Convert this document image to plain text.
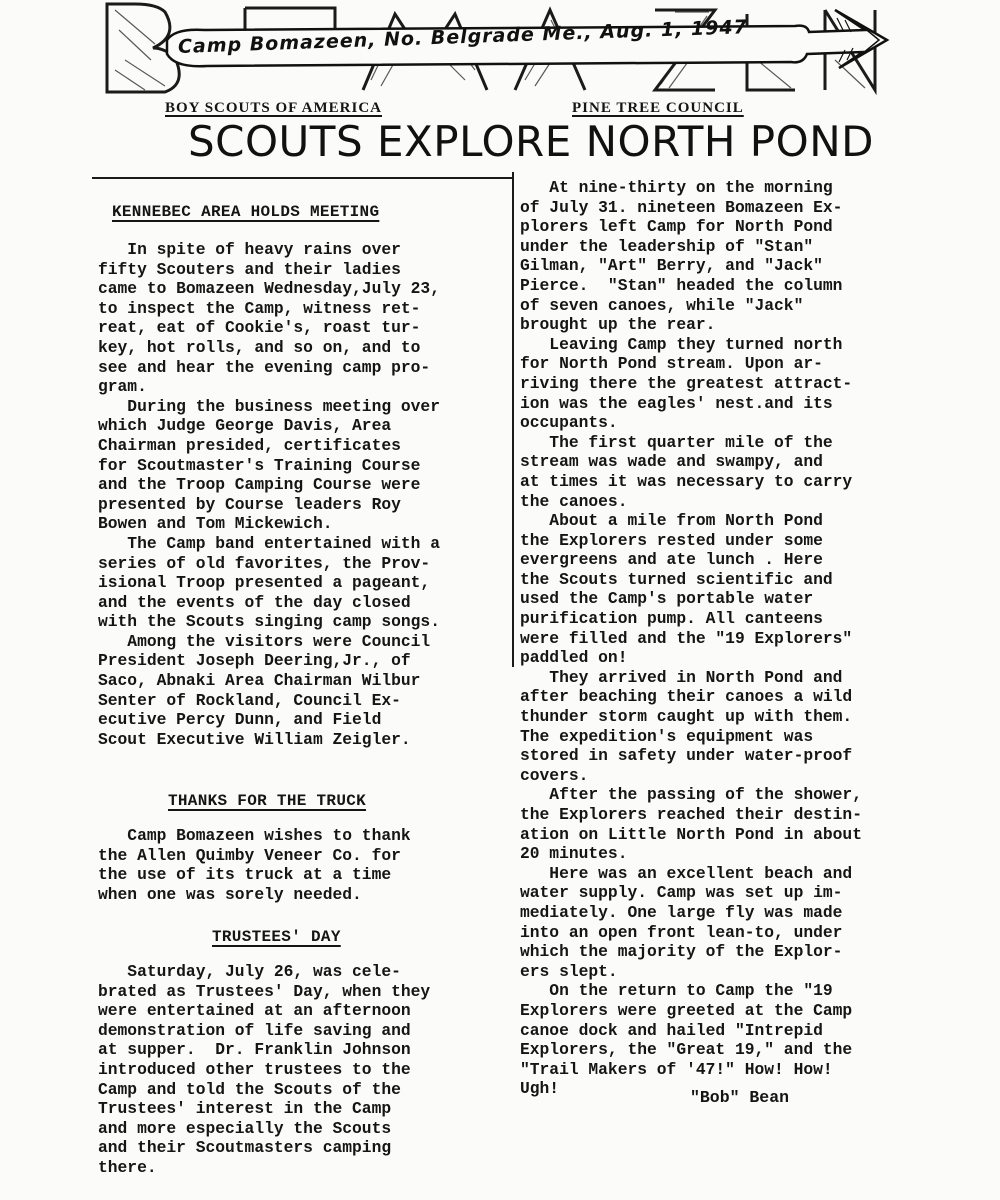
Camp Bomazeen, No. Belgrade Me., Aug. 1, 1947
BOY SCOUTS OF AMERICA	PINE TREE COUNCIL
SCOUTS EXPLORE NORTH POND
KENNEBEC AREA HOLDS MEETING

In spite of heavy rains over

fifty Scouters and their ladies

came to Bomazeen Wednesday,July 23,

to inspect the Camp, witness ret-

reat, eat of Cookie's, roast tur-

key, hot rolls, and so on, and to

see and hear the evening camp pro-

gram.

During the business meeting over

which Judge George Davis, Area

Chairman presided, certificates

for Scoutmaster's Training Course

and the Troop Camping Course were

presented by Course leaders Roy

Bowen and Tom Mickewich.

The Camp band entertained with a

series of old favorites, the Prov-

isional Troop presented a pageant,

and the events of the day closed

with the Scouts singing camp songs.

Among the visitors were Council

President Joseph Deering,Jr., of

Saco, Abnaki Area Chairman Wilbur

Senter of Rockland, Council Ex-

ecutive Percy Dunn, and Field

Scout Executive William Zeigler.

THANKS FOR THE TRUCK

Camp Bomazeen wishes to thank

the Allen Quimby Veneer Co. for

the use of its truck at a time

when one was sorely needed.

TRUSTEES' DAY

Saturday, July 26, was cele-

brated as Trustees' Day, when they

were entertained at an afternoon

demonstration of life saving and

at supper.  Dr. Franklin Johnson

introduced other trustees to the

Camp and told the Scouts of the

Trustees' interest in the Camp

and more especially the Scouts

and their Scoutmasters camping

there.

At nine-thirty on the morning

of July 31. nineteen Bomazeen Ex-

plorers left Camp for North Pond

under the leadership of "Stan"

Gilman, "Art" Berry, and "Jack"

Pierce.  "Stan" headed the column

of seven canoes, while "Jack"

brought up the rear.

Leaving Camp they turned north

for North Pond stream. Upon ar-

riving there the greatest attract-

ion was the eagles' nest.and its

occupants.

The first quarter mile of the

stream was wade and swampy, and

at times it was necessary to carry

the canoes.

About a mile from North Pond

the Explorers rested under some

evergreens and ate lunch . Here

the Scouts turned scientific and

used the Camp's portable water

purification pump. All canteens

were filled and the "19 Explorers"

paddled on!

They arrived in North Pond and

after beaching their canoes a wild

thunder storm caught up with them.

The expedition's equipment was

stored in safety under water-proof

covers.

After the passing of the shower,

the Explorers reached their destin-

ation on Little North Pond in about

20 minutes.

Here was an excellent beach and

water supply. Camp was set up im-

mediately. One large fly was made

into an open front lean-to, under

which the majority of the Explor-

ers slept.

On the return to Camp the "19

Explorers were greeted at the Camp

canoe dock and hailed "Intrepid

Explorers, the "Great 19," and the

"Trail Makers of '47!" How! How!

Ugh!	"Bob" Bean
